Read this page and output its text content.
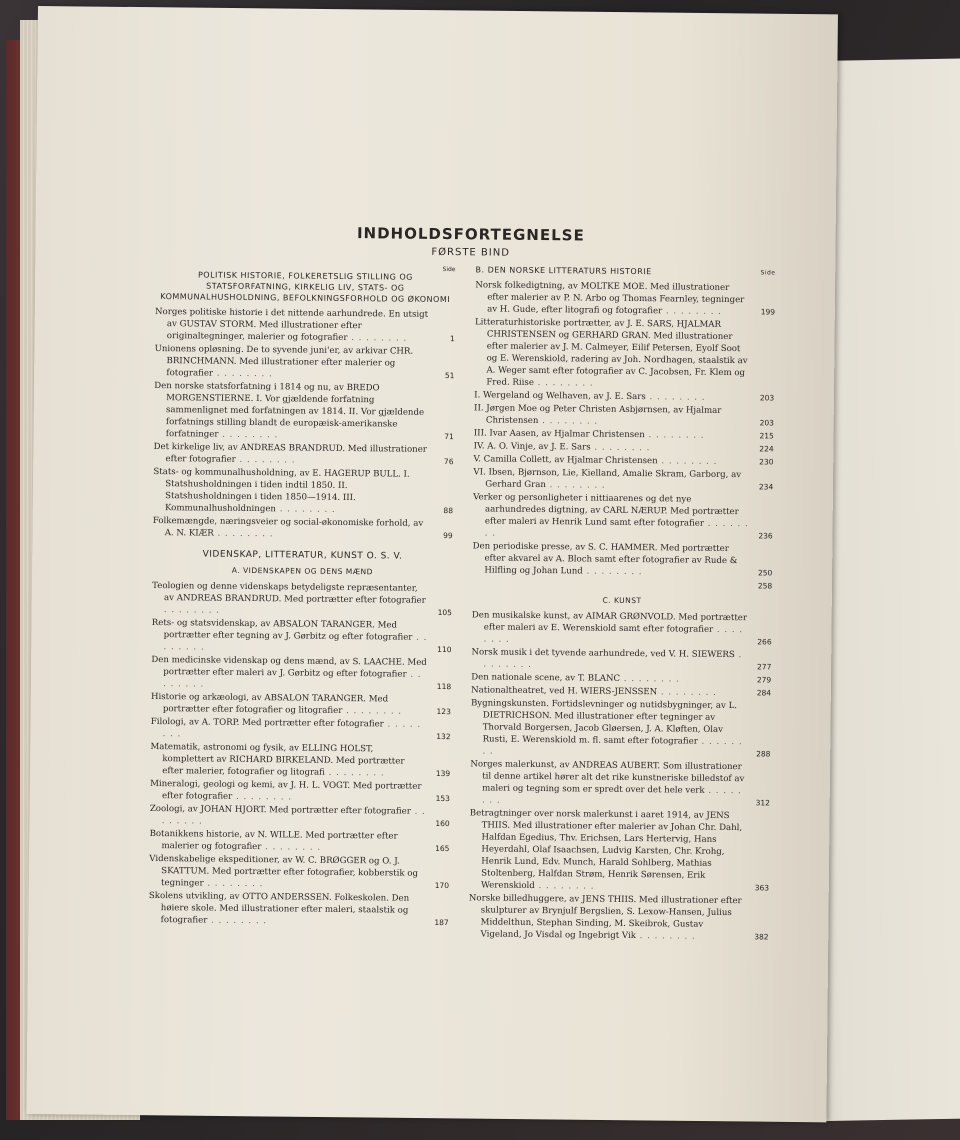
INDHOLDSFORTEGNELSE
FØRSTE BIND
Side
POLITISK HISTORIE, FOLKERETSLIG STILLING OG STATSFORFATNING, KIRKELIG LIV, STATS- OG KOMMUNALHUSHOLDNING, BEFOLKNINGSFORHOLD OG ØKONOMI
Norges politiske historie i det nittende aarhundrede. En utsigt av GUSTAV STORM. Med illustrationer efter originaltegninger, malerier og fotografier . . .	1
Unionens opløsning. De to syvende juni'er, av arkivar CHR. BRINCHMANN. Med illustrationer efter malerier og fotografier . . .	51
Den norske statsforfatning i 1814 og nu, av BREDO MORGENSTIERNE. I. Vor gjældende forfatning sammenlignet med forfatningen av 1814. II. Vor gjældende forfatnings stilling blandt de europæisk-amerikanske forfatninger . . .	71
Det kirkelige liv, av ANDREAS BRANDRUD. Med illustrationer efter fotografier . . .	76
Stats- og kommunalhusholdning, av E. HAGERUP BULL. I. Statshusholdningen i tiden indtil 1850. II. Statshusholdningen i tiden 1850—1914. III. Kommunalhusholdningen . . .	88
Folkemængde, næringsveier og social-økonomiske forhold, av A. N. KIÆR . . .	99
VIDENSKAP, LITTERATUR, KUNST O. S. V.
A. VIDENSKAPEN OG DENS MÆND
Teologien og denne videnskaps betydeligste repræsentanter, av ANDREAS BRANDRUD. Med portrætter efter fotografier . . .
105
Rets- og statsvidenskap, av ABSALON TARANGER. Med portrætter efter tegning av J. Gørbitz og efter fotografier . . .
110
Den medicinske videnskap og dens mænd, av S. LAACHE. Med portrætter efter maleri av J. Gørbitz og efter fotografier . . .
118
Historie og arkæologi, av ABSALON TARANGER. Med portrætter efter fotografier og litografier . . .	123
Filologi, av A. TORP. Med portrætter efter fotografier . . .
132
Matematik, astronomi og fysik, av ELLING HOLST, komplettert av RICHARD BIRKELAND. Med portrætter efter malerier, fotografier og litografi . . .	139
Mineralogi, geologi og kemi, av J. H. L. VOGT. Med portrætter efter fotografier . . .	153
Zoologi, av JOHAN HJORT. Med portrætter efter fotografier . . .
160
Botanikkens historie, av N. WILLE. Med portrætter efter malerier og fotografier . . .	165
Videnskabelige ekspeditioner, av W. C. BRØGGER og O. J. SKATTUM. Med portrætter efter fotografier, kobberstik og tegninger . . .	170
Skolens utvikling, av OTTO ANDERSSEN. Folkeskolen. Den høiere skole. Med illustrationer efter maleri, staalstik og fotografier . . .	187
B. DEN NORSKE LITTERATURS HISTORIE	Side
Norsk folkedigtning, av MOLTKE MOE. Med illustrationer efter malerier av P. N. Arbo og Thomas Fearnley, tegninger av H. Gude, efter litografi og fotografier . . .	199
Litteraturhistoriske portrætter, av J. E. SARS, HJALMAR CHRISTENSEN og GERHARD GRAN. Med illustrationer efter malerier av J. M. Calmeyer, Eilif Petersen, Eyolf Soot og E. Werenskiold, radering av Joh. Nordhagen, staalstik av A. Weger samt efter fotografier av C. Jacobsen, Fr. Klem og Fred. Riise . . .
I. Wergeland og Welhaven, av J. E. Sars . . .	203
II. Jørgen Moe og Peter Christen Asbjørnsen, av Hjalmar Christensen . . .	203
III. Ivar Aasen, av Hjalmar Christensen . . .	215
IV. A. O. Vinje, av J. E. Sars . . .	224
V. Camilla Collett, av Hjalmar Christensen . . .	230
VI. Ibsen, Bjørnson, Lie, Kielland, Amalie Skram, Garborg, av Gerhard Gran . . .	234
Verker og personligheter i nittiaarenes og det nye aarhundredes digtning, av CARL NÆRUP. Med portrætter efter maleri av Henrik Lund samt efter fotografier . . .
236
Den periodiske presse, av S. C. HAMMER. Med portrætter efter akvarel av A. Bloch samt efter fotografier av Rude & Hilfling og Johan Lund . . .	250
258
C. KUNST
Den musikalske kunst, av AIMAR GRØNVOLD. Med portrætter efter maleri av E. Werenskiold samt efter fotografier . . .
266
Norsk musik i det tyvende aarhundrede, ved V. H. SIEWERS . . .
277
Den nationale scene, av T. BLANC . . .	279
Nationaltheatret, ved H. WIERS-JENSSEN . . .	284
Bygningskunsten. Fortidslevninger og nutidsbygninger, av L. DIETRICHSON. Med illustrationer efter tegninger av Thorvald Borgersen, Jacob Gløersen, J. A. Kløften, Olav Rusti, E. Werenskiold m. fl. samt efter fotografier . . .
288
Norges malerkunst, av ANDREAS AUBERT. Som illustrationer til denne artikel hører alt det rike kunstneriske billedstof av maleri og tegning som er spredt over det hele verk . . .
312
Betragtninger over norsk malerkunst i aaret 1914, av JENS THIIS. Med illustrationer efter malerier av Johan Chr. Dahl, Halfdan Egedius, Thv. Erichsen, Lars Hertervig, Hans Heyerdahl, Olaf Isaachsen, Ludvig Karsten, Chr. Krohg, Henrik Lund, Edv. Munch, Harald Sohlberg, Mathias Stoltenberg, Halfdan Strøm, Henrik Sørensen, Erik Werenskiold . . .	363
Norske billedhuggere, av JENS THIIS. Med illustrationer efter skulpturer av Brynjulf Bergslien, S. Lexow-Hansen, Julius Middelthun, Stephan Sinding, M. Skeibrok, Gustav Vigeland, Jo Visdal og Ingebrigt Vik . . .	382
